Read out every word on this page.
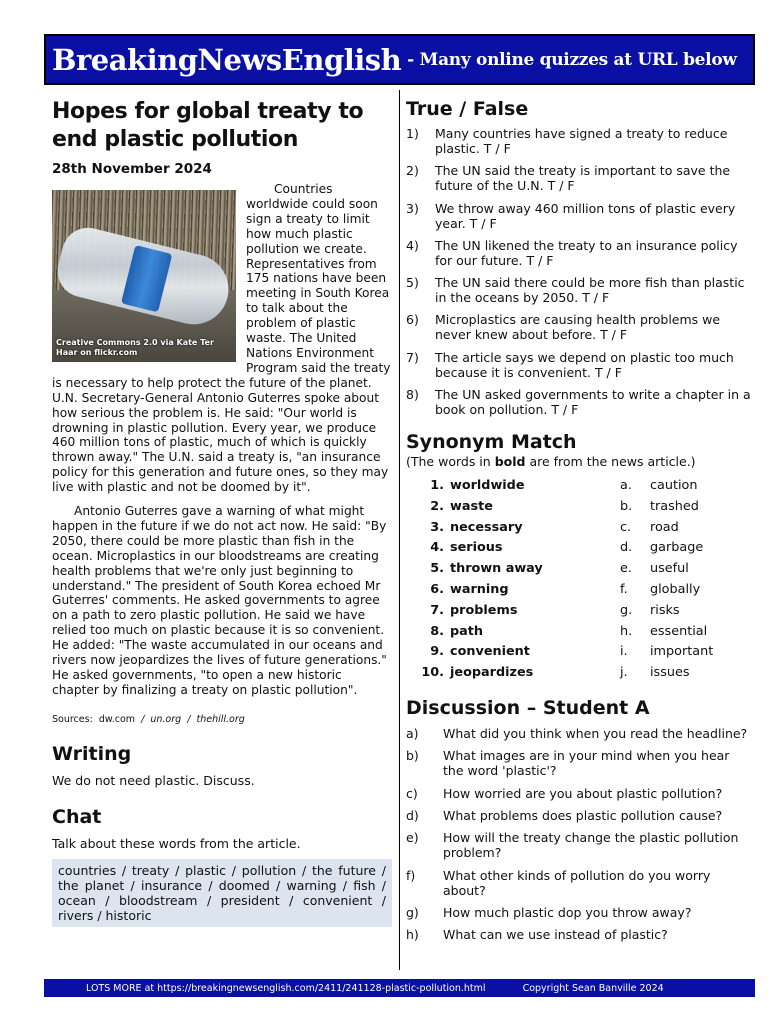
BreakingNewsEnglish - Many online quizzes at URL below
Hopes for global treaty to end plastic pollution
28th November 2024
Creative Commons 2.0 via Kate Ter Haar on flickr.com

Countries worldwide could soon sign a treaty to limit how much plastic pollution we create. Representatives from 175 nations have been meeting in South Korea to talk about the problem of plastic waste. The United Nations Environment Program said the treaty is necessary to help protect the future of the planet. U.N. Secretary-General Antonio Guterres spoke about how serious the problem is. He said: "Our world is drowning in plastic pollution. Every year, we produce 460 million tons of plastic, much of which is quickly thrown away." The U.N. said a treaty is, "an insurance policy for this generation and future ones, so they may live with plastic and not be doomed by it".

Antonio Guterres gave a warning of what might happen in the future if we do not act now. He said: "By 2050, there could be more plastic than fish in the ocean. Microplastics in our bloodstreams are creating health problems that we're only just beginning to understand." The president of South Korea echoed Mr Guterres' comments. He asked governments to agree on a path to zero plastic pollution. He said we have relied too much on plastic because it is so convenient. He added: "The waste accumulated in our oceans and rivers now jeopardizes the lives of future generations." He asked governments, "to open a new historic chapter by finalizing a treaty on plastic pollution".

Sources: dw.com / un.org / thehill.org
Writing
We do not need plastic. Discuss.
Chat
Talk about these words from the article.
countries / treaty / plastic / pollution / the future / the planet / insurance / doomed / warning / fish / ocean / bloodstream / president / convenient / rivers / historic
True / False
1)	Many countries have signed a treaty to reduce plastic. T / F
2)	The UN said the treaty is important to save the future of the U.N. T / F
3)	We throw away 460 million tons of plastic every year. T / F
4)	The UN likened the treaty to an insurance policy for our future. T / F
5)	The UN said there could be more fish than plastic in the oceans by 2050. T / F
6)	Microplastics are causing health problems we never knew about before. T / F
7)	The article says we depend on plastic too much because it is convenient. T / F
8)	The UN asked governments to write a chapter in a book on pollution. T / F
Synonym Match
(The words in bold are from the news article.)
1. worldwide	a.	caution
2. waste	b.	trashed
3. necessary	c.	road
4. serious	d.	garbage
5. thrown away	e.	useful
6. warning	f.	globally
7. problems	g.	risks
8. path	h.	essential
9. convenient	i.	important
10. jeopardizes	j.	issues
Discussion – Student A
a)	What did you think when you read the headline?
b)	What images are in your mind when you hear the word 'plastic'?
c)	How worried are you about plastic pollution?
d)	What problems does plastic pollution cause?
e)	How will the treaty change the plastic pollution problem?
f)	What other kinds of pollution do you worry about?
g)	How much plastic dop you throw away?
h)	What can we use instead of plastic?
LOTS MORE at https://breakingnewsenglish.com/2411/241128-plastic-pollution.html	Copyright Sean Banville 2024
